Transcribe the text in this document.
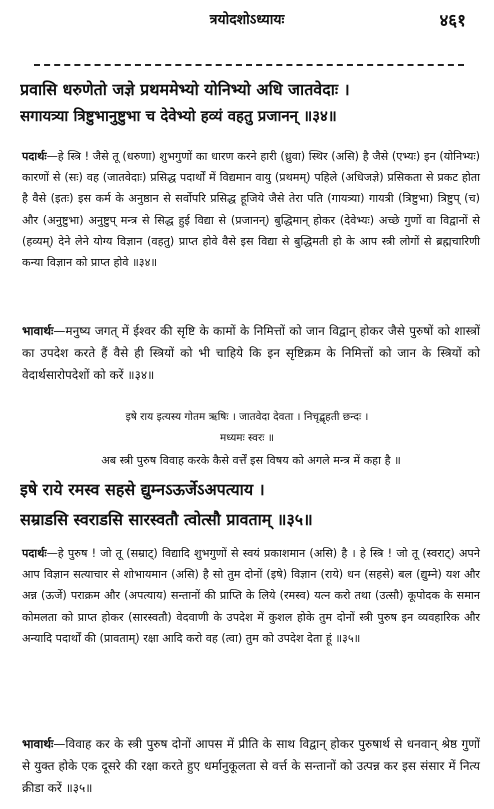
त्रयोदशोऽध्यायः	४६१
प्रवासि धरुणेतो जज्ञे प्रथममेभ्यो योनिभ्यो अधि जातवेदाः ।
सगायत्र्या त्रिष्टुभानुष्टुभा च देवेभ्यो हव्यं वहतु प्रजानन् ॥३४॥
पदार्थः—हे स्त्रि ! जैसे तू (धरुणा) शुभगुणों का धारण करने हारी (ध्रुवा) स्थिर (असि) है जैसे (एभ्यः) इन (योनिभ्यः) कारणों से (सः) वह (जातवेदाः) प्रसिद्ध पदार्थों में विद्यमान वायु (प्रथमम्) पहिले (अधिजज्ञे) प्रसिकता से प्रकट होता है वैसे (इतः) इस कर्म के अनुष्ठान से सर्वोपरि प्रसिद्ध हूजिये जैसे तेरा पति (गायत्र्या) गायत्री (त्रिष्टुभा) त्रिष्टुप् (च) और (अनुष्टुभा) अनुष्टुप् मन्त्र से सिद्ध हुई विद्या से (प्रजानन्) बुद्धिमान् होकर (देवेभ्यः) अच्छे गुणों वा विद्वानों से (हव्यम्) देने लेने योग्य विज्ञान (वहतु) प्राप्त होवे वैसे इस विद्या से बुद्धिमती हो के आप स्त्री लोगों से ब्रह्मचारिणी कन्या विज्ञान को प्राप्त होवे ॥३४॥
भावार्थः—मनुष्य जगत् में ईश्वर की सृष्टि के कामों के निमित्तों को जान विद्वान् होकर जैसे पुरुषों को शास्त्रों का उपदेश करते हैं वैसे ही स्त्रियों को भी चाहिये कि इन सृष्टिक्रम के निमित्तों को जान के स्त्रियों को वेदार्थसारोपदेशों को करें ॥३४॥
इषे राय इत्यस्य गोतम ऋषिः । जातवेदा देवता । निचृद्बृहती छन्दः ।
मध्यमः स्वरः ॥
अब स्त्री पुरुष विवाह करके कैसे वर्त्तें इस विषय को अगले मन्त्र में कहा है ॥
इषे राये रमस्व सहसे द्युम्नऽऊर्जेऽअपत्याय ।
सम्राडसि स्वराडसि सारस्वतौ त्वोत्सौ प्रावताम् ॥३५॥
पदार्थः—हे पुरुष ! जो तू (सम्राट्) विद्यादि शुभगुणों से स्वयं प्रकाशमान (असि) है । हे स्त्रि ! जो तू (स्वराट्) अपने आप विज्ञान सत्याचार से शोभायमान (असि) है सो तुम दोनों (इषे) विज्ञान (राये) धन (सहसे) बल (द्युम्ने) यश और अन्न (ऊर्जे) पराक्रम और (अपत्याय) सन्तानों की प्राप्ति के लिये (रमस्व) यत्न करो तथा (उत्सौ) कूपोदक के समान कोमलता को प्राप्त होकर (सारस्वतौ) वेदवाणी के उपदेश में कुशल होके तुम दोनों स्त्री पुरुष इन व्यवहारिक और अन्यादि पदार्थों की (प्रावताम्) रक्षा आदि करो वह (त्वा) तुम को उपदेश देता हूं ॥३५॥
भावार्थः—विवाह कर के स्त्री पुरुष दोनों आपस में प्रीति के साथ विद्वान् होकर पुरुषार्थ से धनवान् श्रेष्ठ गुणों से युक्त होके एक दूसरे की रक्षा करते हुए धर्मानुकूलता से वर्त्त के सन्तानों को उत्पन्न कर इस संसार में नित्य क्रीडा करें ॥३५॥
